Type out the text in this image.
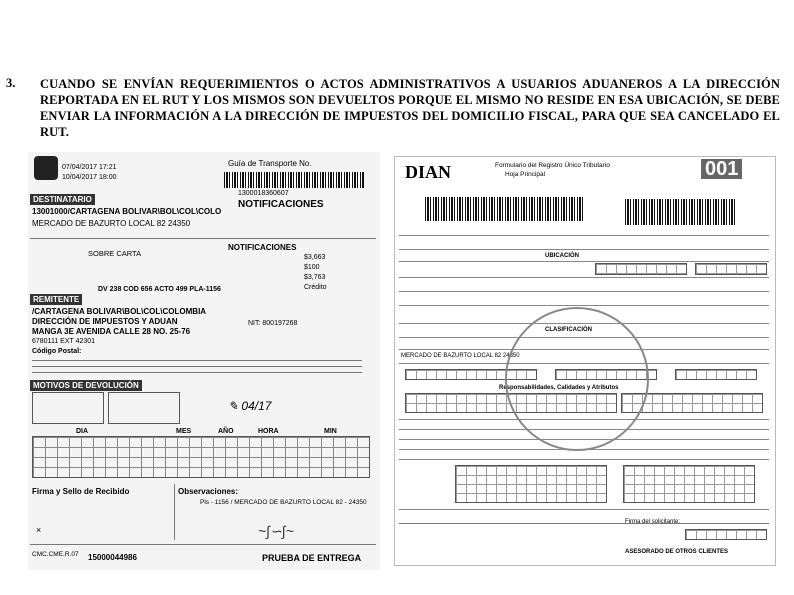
3. CUANDO SE ENVÍAN REQUERIMIENTOS O ACTOS ADMINISTRATIVOS A USUARIOS ADUANEROS A LA DIRECCIÓN REPORTADA EN EL RUT Y LOS MISMOS SON DEVUELTOS PORQUE EL MISMO NO RESIDE EN ESA UBICACIÓN, SE DEBE ENVIAR LA INFORMACIÓN A LA DIRECCIÓN DE IMPUESTOS DEL DOMICILIO FISCAL, PARA QUE SEA CANCELADO EL RUT.
07/04/2017 17:21
10/04/2017 18:00
Guía de Transporte No.
1300018360607
NOTIFICACIONES
DESTINATARIO
13001000/CARTAGENA BOLIVAR\BOL\COL\COLO
MERCADO DE BAZURTO LOCAL 82 24350
SOBRE CARTA
NOTIFICACIONES
$3,663
$100
$3,763
Crédito
DV 238 COD 656 ACTO 499 PLA-1156
REMITENTE
/CARTAGENA BOLIVAR\BOL\COL\COLOMBIA
DIRECCIÓN DE IMPUESTOS Y ADUAN
MANGA 3E AVENIDA CALLE 28 NO. 25-76
6780111 EXT 42301
Código Postal:
NIT: 800197268
MOTIVOS DE DEVOLUCIÓN
✎ 04/17
DIA	MES	AÑO	HORA	MIN
Firma y Sello de Recibido	Observaciones:
Pls - 1156 / MERCADO DE BAZURTO LOCAL 82 - 24350
~∫∽∫~
×
CMC.CME.R.07 15000044986	PRUEBA DE ENTREGA
DIAN	Formulario del Registro Único Tributario
Hoja Principal	001
UBICACIÓN
CLASIFICACIÓN
MERCADO DE BAZURTO LOCAL 82 24350
Responsabilidades, Calidades y Atributos
Firma del solicitante:
ASESORADO DE OTROS CLIENTES
